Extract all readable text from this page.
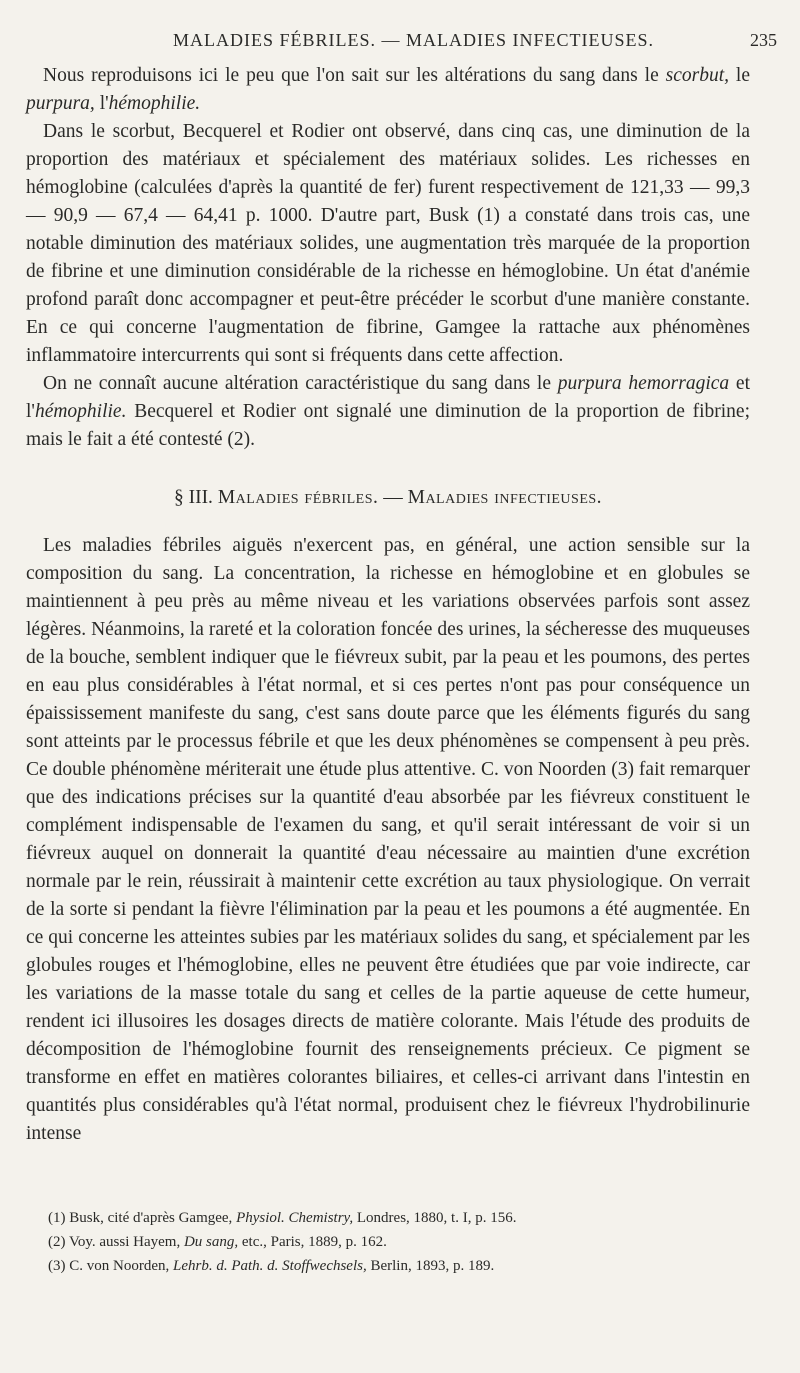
MALADIES FÉBRILES. — MALADIES INFECTIEUSES.	235

Nous reproduisons ici le peu que l'on sait sur les altérations du sang dans le scorbut, le purpura, l'hémophilie.

Dans le scorbut, Becquerel et Rodier ont observé, dans cinq cas, une diminution de la proportion des matériaux et spécialement des matériaux solides. Les richesses en hémoglobine (calculées d'après la quantité de fer) furent respectivement de 121,33 — 99,3 — 90,9 — 67,4 — 64,41 p. 1000. D'autre part, Busk (1) a constaté dans trois cas, une notable diminution des matériaux solides, une augmentation très marquée de la proportion de fibrine et une diminution considérable de la richesse en hémoglobine. Un état d'anémie profond paraît donc accompagner et peut-être précéder le scorbut d'une manière constante. En ce qui concerne l'augmentation de fibrine, Gamgee la rattache aux phénomènes inflammatoire intercurrents qui sont si fréquents dans cette affection.

On ne connaît aucune altération caractéristique du sang dans le purpura hemorragica et l'hémophilie. Becquerel et Rodier ont signalé une diminution de la proportion de fibrine; mais le fait a été contesté (2).

§ III. Maladies fébriles. — Maladies infectieuses.

Les maladies fébriles aiguës n'exercent pas, en général, une action sensible sur la composition du sang. La concentration, la richesse en hémoglobine et en globules se maintiennent à peu près au même niveau et les variations observées parfois sont assez légères. Néanmoins, la rareté et la coloration foncée des urines, la sécheresse des muqueuses de la bouche, semblent indiquer que le fiévreux subit, par la peau et les poumons, des pertes en eau plus considérables à l'état normal, et si ces pertes n'ont pas pour conséquence un épaississement manifeste du sang, c'est sans doute parce que les éléments figurés du sang sont atteints par le processus fébrile et que les deux phénomènes se compensent à peu près. Ce double phénomène mériterait une étude plus attentive. C. von Noorden (3) fait remarquer que des indications précises sur la quantité d'eau absorbée par les fiévreux constituent le complément indispensable de l'examen du sang, et qu'il serait intéressant de voir si un fiévreux auquel on donnerait la quantité d'eau nécessaire au maintien d'une excrétion normale par le rein, réussirait à maintenir cette excrétion au taux physiologique. On verrait de la sorte si pendant la fièvre l'élimination par la peau et les poumons a été augmentée. En ce qui concerne les atteintes subies par les matériaux solides du sang, et spécialement par les globules rouges et l'hémoglobine, elles ne peuvent être étudiées que par voie indirecte, car les variations de la masse totale du sang et celles de la partie aqueuse de cette humeur, rendent ici illusoires les dosages directs de matière colorante. Mais l'étude des produits de décomposition de l'hémoglobine fournit des renseignements précieux. Ce pigment se transforme en effet en matières colorantes biliaires, et celles-ci arrivant dans l'intestin en quantités plus considérables qu'à l'état normal, produisent chez le fiévreux l'hydrobilinurie intense

(1) Busk, cité d'après Gamgee, Physiol. Chemistry, Londres, 1880, t. I, p. 156.

(2) Voy. aussi Hayem, Du sang, etc., Paris, 1889, p. 162.

(3) C. von Noorden, Lehrb. d. Path. d. Stoffwechsels, Berlin, 1893, p. 189.
